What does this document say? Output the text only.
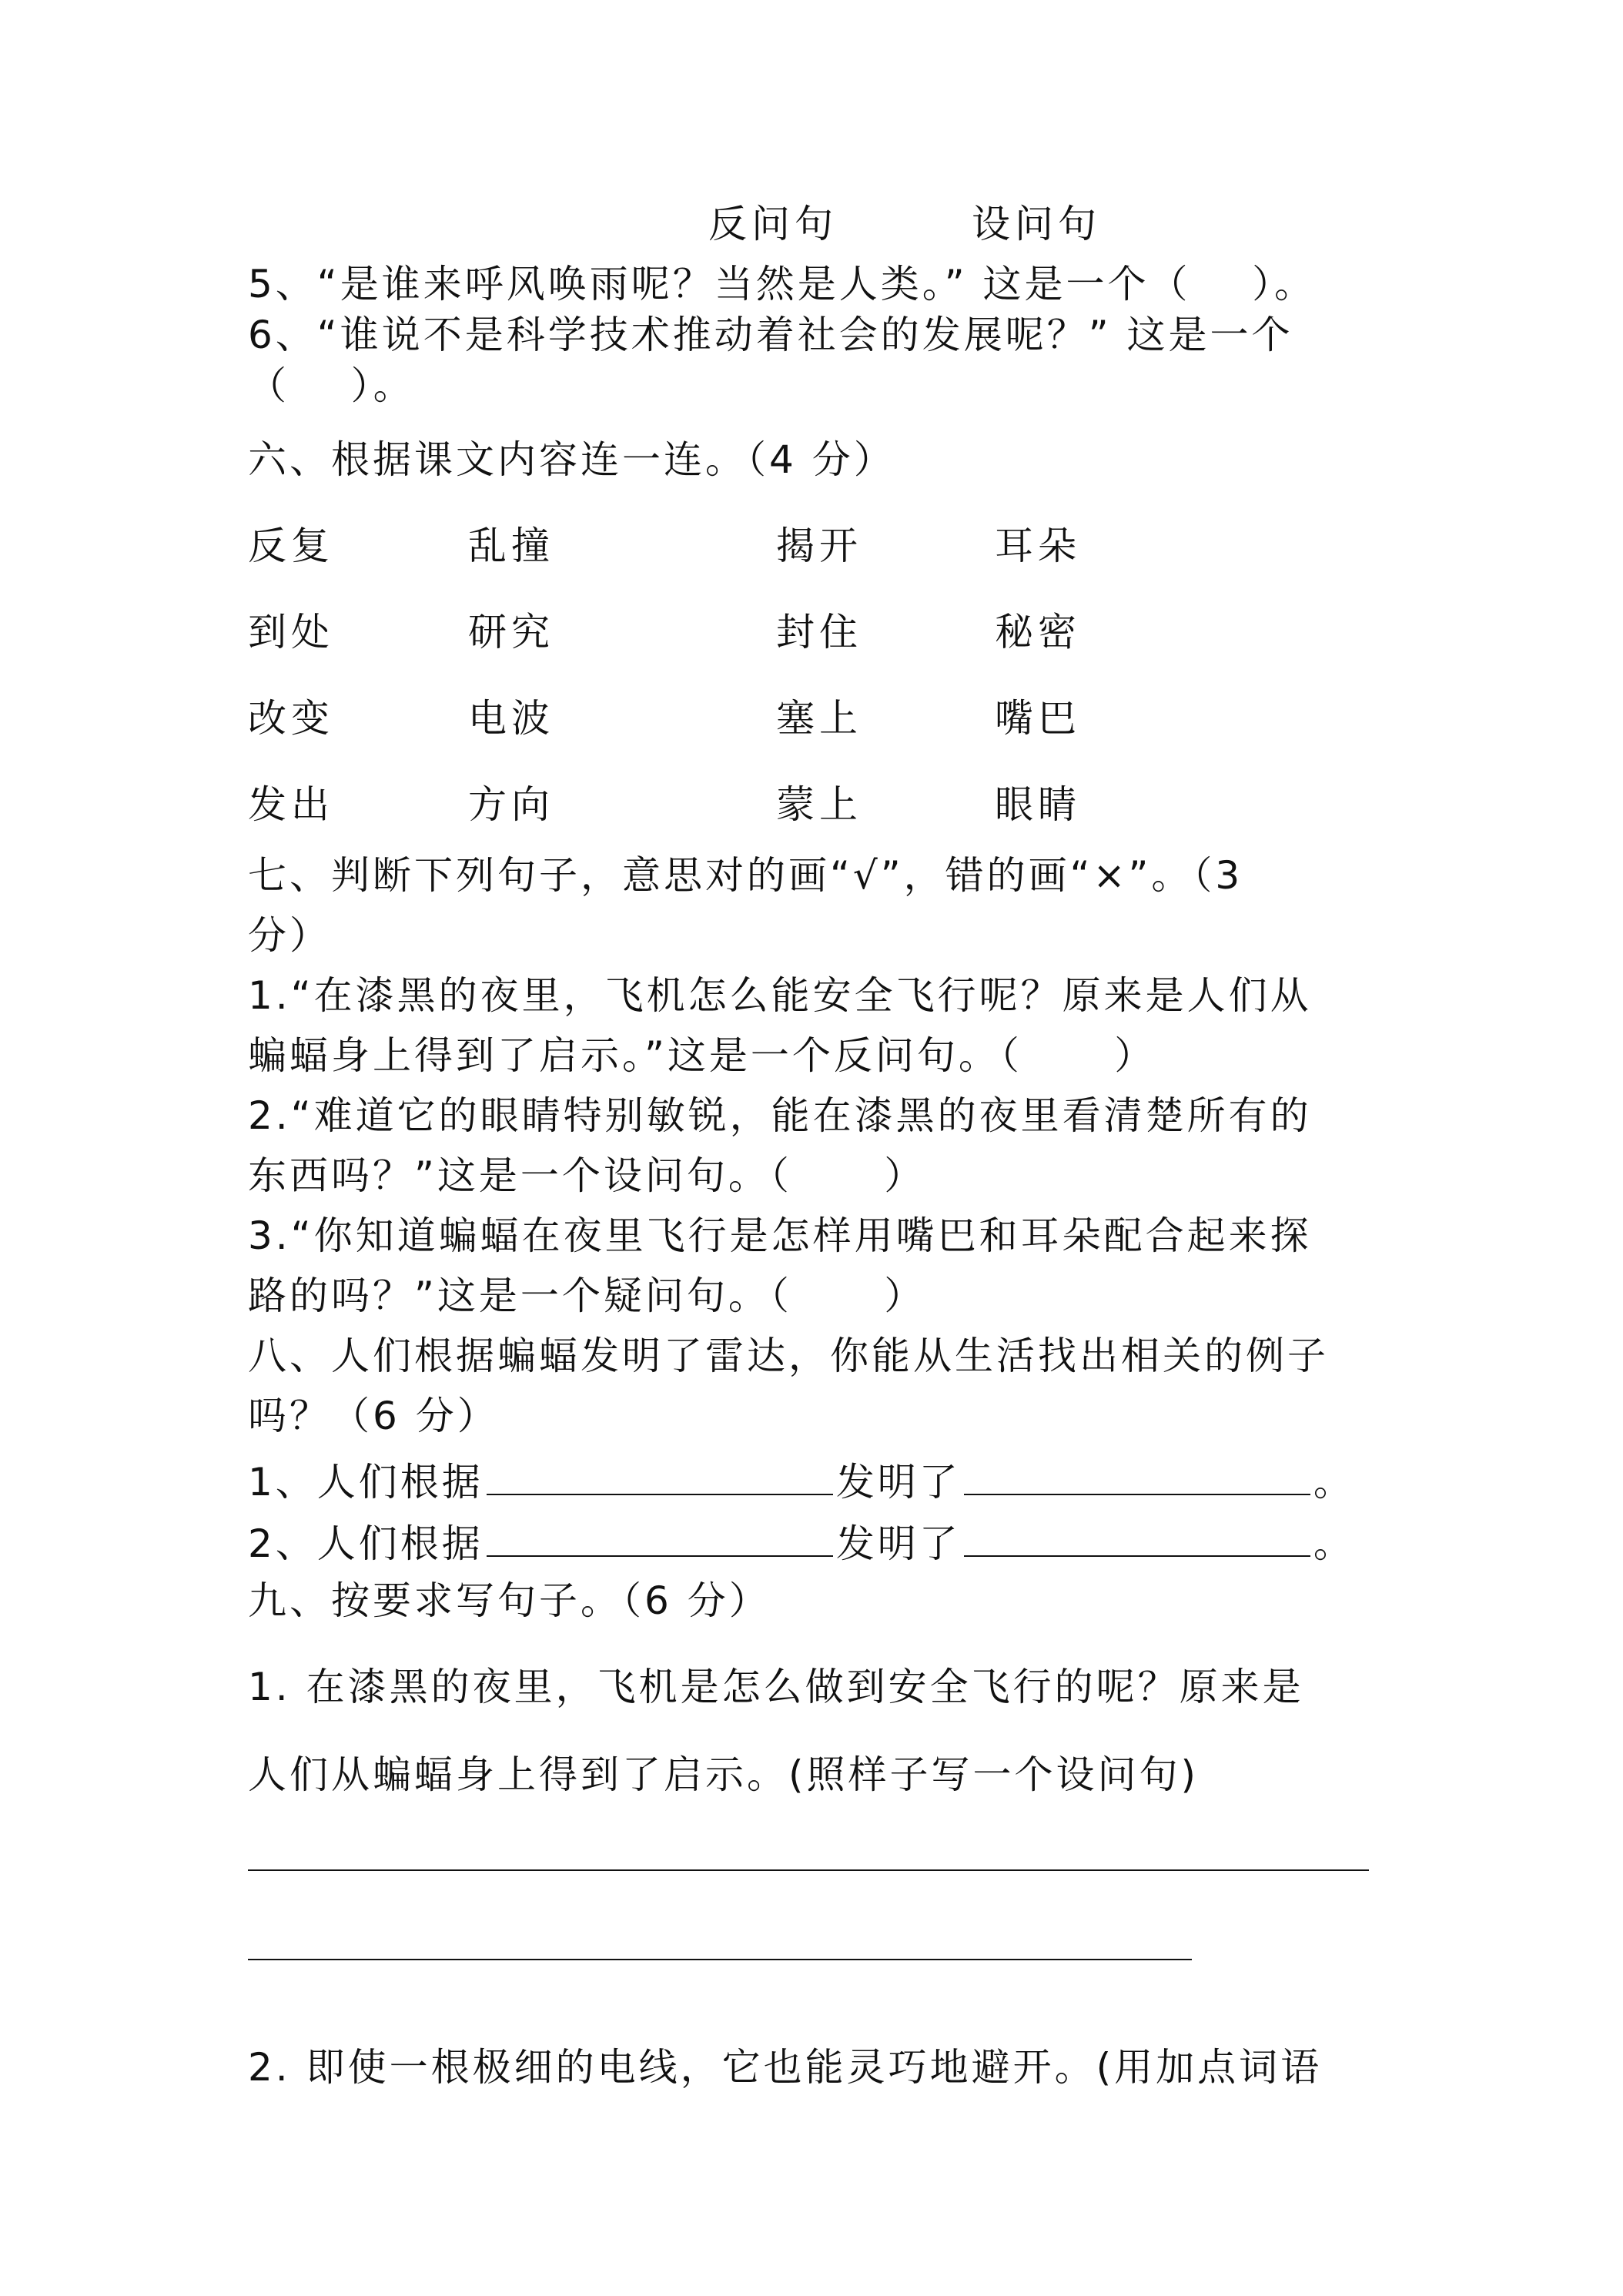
反问句	设问句
5、“是谁来呼风唤雨呢？当然是人类。” 这是一个（    ）。
6、“谁说不是科学技术推动着社会的发展呢？” 这是一个
（    ）。
六、根据课文内容连一连。（4 分）
反复	乱撞	揭开	耳朵
到处	研究	封住	秘密
改变	电波	塞上	嘴巴
发出	方向	蒙上	眼睛
七、判断下列句子，意思对的画“√”，错的画“×”。（3
分）
1.“在漆黑的夜里，飞机怎么能安全飞行呢？原来是人们从
蝙蝠身上得到了启示。”这是一个反问句。（      ）
2.“难道它的眼睛特别敏锐，能在漆黑的夜里看清楚所有的
东西吗？”这是一个设问句。（      ）
3.“你知道蝙蝠在夜里飞行是怎样用嘴巴和耳朵配合起来探
路的吗？”这是一个疑问句。（      ）
八、人们根据蝙蝠发明了雷达，你能从生活找出相关的例子
吗？（6 分）
1、人们根据	发明了	。
2、人们根据	发明了	。
九、按要求写句子。（6 分）
1. 在漆黑的夜里，飞机是怎么做到安全飞行的呢？原来是
人们从蝙蝠身上得到了启示。(照样子写一个设问句)
2. 即使一根极细的电线，它也能灵巧地避开。(用加点词语
